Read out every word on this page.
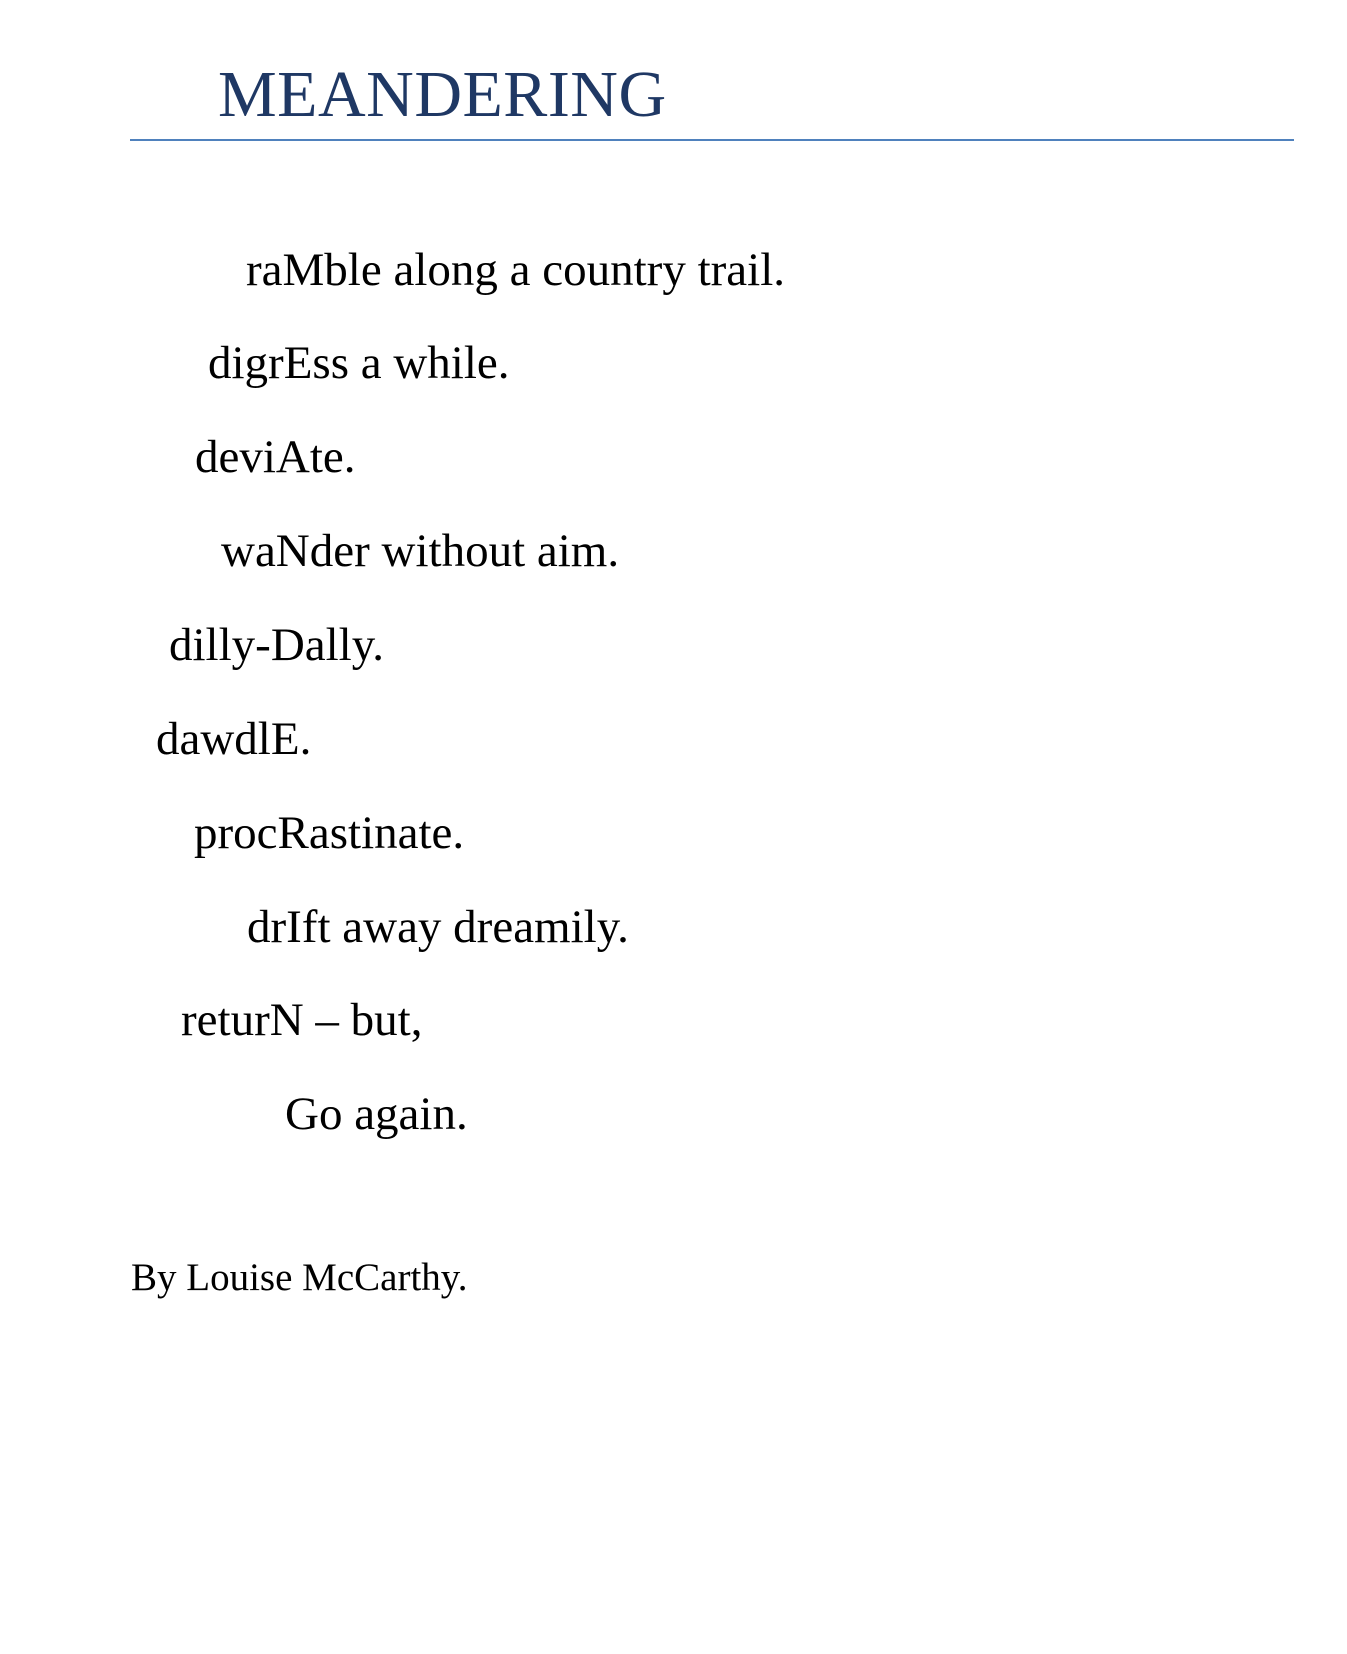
MEANDERING
raMble along a country trail.
digrEss a while.
deviAte.
waNder without aim.
dilly-Dally.
dawdlE.
procRastinate.
drIft away dreamily.
returN – but,
Go again.
By Louise McCarthy.
